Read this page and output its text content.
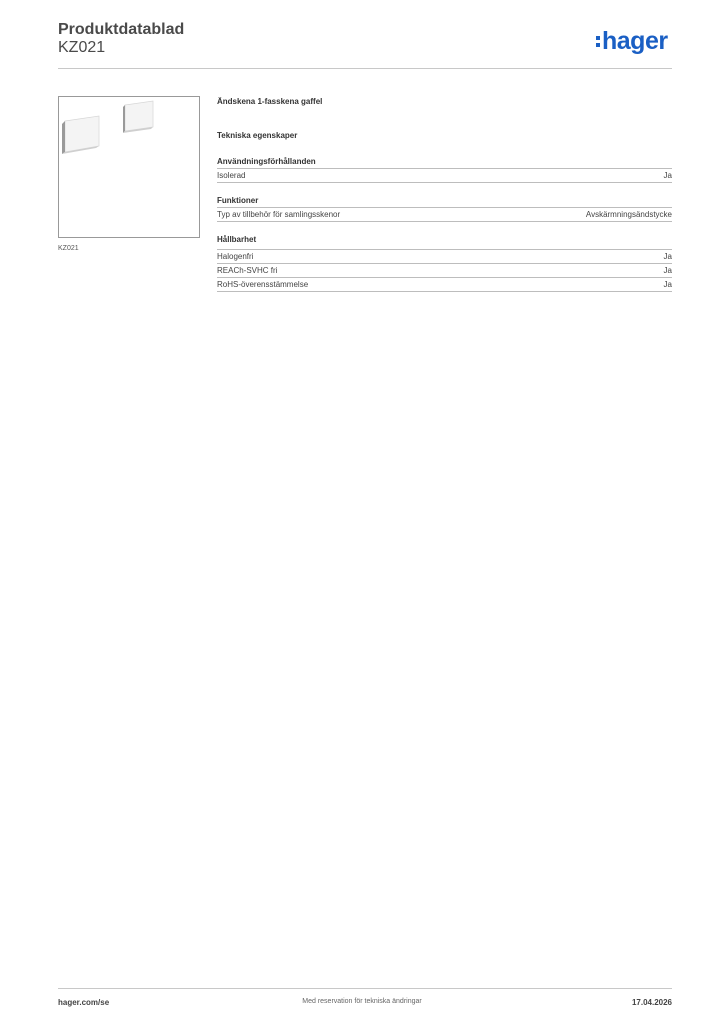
Produktdatablad
KZ021	hager
KZ021
Ändskena 1-fasskena gaffel
Tekniska egenskaper
Användningsförhållanden
Isolerad	Ja
Funktioner
Typ av tillbehör för samlingsskenor	Avskärmningsändstycke
Hållbarhet
Halogenfri	Ja
REACh-SVHC fri	Ja
RoHS-överensstämmelse	Ja
hager.com/se	Med reservation för tekniska ändringar	17.04.2026
